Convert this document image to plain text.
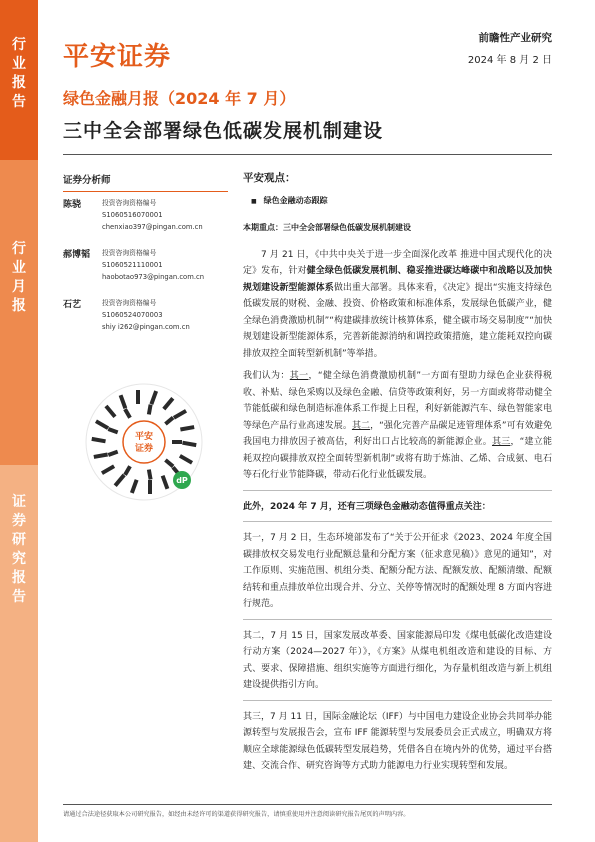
行业报告
行业月报
证券研究报告
平安证券
前瞻性产业研究
2024 年 8 月 2 日
绿色金融月报（2024 年 7 月）
三中全会部署绿色低碳发展机制建设
证券分析师
陈骁	投资咨询资格编号
S1060516070001
chenxiao397@pingan.com.cn
郝博韬	投资咨询资格编号
S1060521110001
haobotao973@pingan.com.cn
石艺	投资咨询资格编号
S1060524070003
shiy i262@pingan.com.cn
平安
证券
dP
平安观点：
■ 绿色金融动态跟踪
本期重点：三中全会部署绿色低碳发展机制建设

7 月 21 日，《中共中央关于进一步全面深化改革 推进中国式现代化的决定》发布，针对健全绿色低碳发展机制、稳妥推进碳达峰碳中和战略以及加快规划建设新型能源体系做出重大部署。具体来看，《决定》提出“实施支持绿色低碳发展的财税、金融、投资、价格政策和标准体系，发展绿色低碳产业，健全绿色消费激励机制”“构建碳排放统计核算体系，健全碳市场交易制度”“加快规划建设新型能源体系，完善新能源消纳和调控政策措施，建立能耗双控向碳排放双控全面转型新机制”等举措。

我们认为：其一，“健全绿色消费激励机制”一方面有望助力绿色企业获得税收、补贴、绿色采购以及绿色金融、信贷等政策利好，另一方面或将带动健全节能低碳和绿色制造标准体系工作提上日程，利好新能源汽车、绿色智能家电等绿色产品行业高速发展。其二，“强化完善产品碳足迹管理体系”可有效避免我国电力排放因子被高估，利好出口占比较高的新能源企业。其三，“建立能耗双控向碳排放双控全面转型新机制”或将有助于炼油、乙烯、合成氨、电石等石化行业节能降碳，带动石化行业低碳发展。

此外，2024 年 7 月，还有三项绿色金融动态值得重点关注：

其一，7 月 2 日，生态环境部发布了“关于公开征求《2023、2024 年度全国碳排放权交易发电行业配额总量和分配方案（征求意见稿）》意见的通知”，对工作原则、实施范围、机组分类、配额分配方法、配额发放、配额清缴、配额结转和重点排放单位出现合并、分立、关停等情况时的配额处理 8 方面内容进行规范。

其二，7 月 15 日，国家发展改革委、国家能源局印发《煤电低碳化改造建设行动方案（2024—2027 年）》，《方案》从煤电机组改造和建设的目标、方式、要求、保障措施、组织实施等方面进行细化，为存量机组改造与新上机组建设提供指引方向。

其三，7 月 11 日，国际金融论坛（IFF）与中国电力建设企业协会共同举办能源转型与发展报告会，宣布 IFF 能源转型与发展委员会正式成立，明确双方将顺应全球能源绿色低碳转型发展趋势，凭借各自在境内外的优势，通过平台搭建、交流合作、研究咨询等方式助力能源电力行业实现转型和发展。

请通过合法途径获取本公司研究报告，如经由未经许可的渠道获得研究报告，请慎重使用并注意阅读研究报告尾页的声明内容。
